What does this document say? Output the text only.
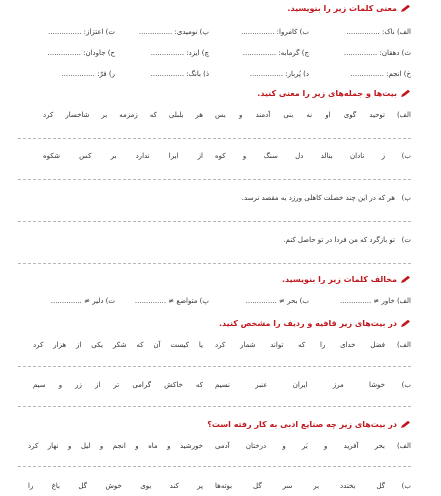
معنی کلمات زیر را بنویسید.
الف) ناک: ...............
ب) کامروا: ...............
پ) نومیدی: ...............
ت) اعتزاز: ...............
ث) دهقان: ...............
ج) گرمابه: ...............
چ) ایزد: ...............
ح) جاودان: ...............
خ) انجم: ...............
د) پُربار: ...............
ذ) بانگ: ...............
ر) فرّ: ...............
بیت‌ها و جمله‌های زیر را معنی کنید.
الف)
توحید گوی او نه بنی آدمند و بس
هر بلبلی که زمزمه بر شاخسار کرد
ب)
ز نادان بنالد دل سنگ و کوه
از ایرا ندارد بر کس شکوه
پ)
هر که در این چند خصلت کاهلی ورزد به مقصد نرسد.
ت)
تو بازگرد که من فردا در تو حاصل کنم.
مخالف کلمات زیر را بنویسید.
الف) خاور ≠ ..............
ب) بحر ≠ ..............
پ) متواضع ≠ ..............
ت) دلیر ≠ ..............
در بیت‌های زیر قافیه و ردیف را مشخص کنید.
الف)
فضل خدای را که تواند شمار کرد
یا کیست آن که شکر یکی از هزار کرد
ب)
خوشا مرز ایران عنبر نسیم
که خاکش گرامی تر از زر و سیم
در بیت‌های زیر چه صنایع ادبی به کار رفته است؟
الف)
بحر آفرید و بَر و درختان آدمی
خورشید و ماه و انجم و لیل و نهار کرد
ب)
گل بخندد بر سر گل بوته‌ها
پر کند بوی خوش گل باغ را
